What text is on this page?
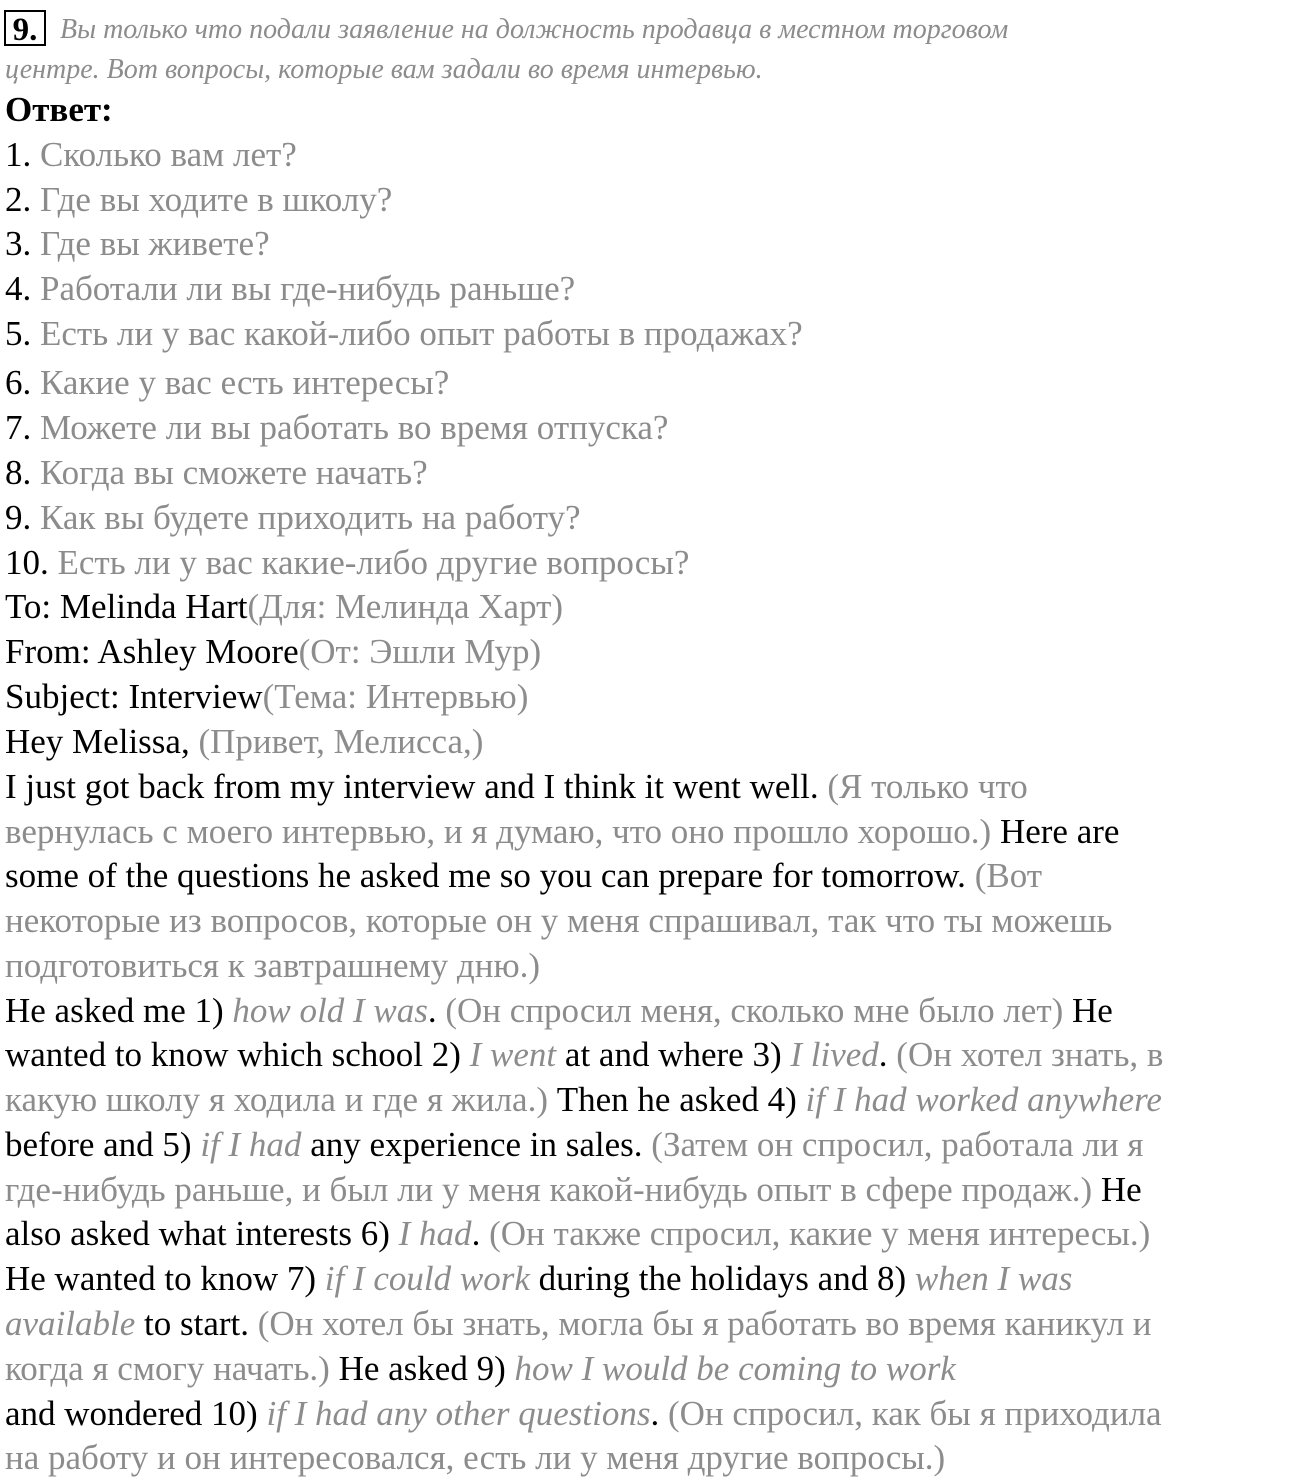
9. Вы только что подали заявление на должность продавца в местном торговом
центре. Вот вопросы, которые вам задали во время интервью.
Ответ:
1. Сколько вам лет?
2. Где вы ходите в школу?
3. Где вы живете?
4. Работали ли вы где-нибудь раньше?
5. Есть ли у вас какой-либо опыт работы в продажах?
6. Какие у вас есть интересы?
7. Можете ли вы работать во время отпуска?
8. Когда вы сможете начать?
9. Как вы будете приходить на работу?
10. Есть ли у вас какие-либо другие вопросы?
To: Melinda Hart(Для: Мелинда Харт)
From: Ashley Moore(От: Эшли Мур)
Subject: Interview(Тема: Интервью)
Hey Melissa, (Привет, Мелисса,)
I just got back from my interview and I think it went well. (Я только что
вернулась с моего интервью, и я думаю, что оно прошло хорошо.) Here are
some of the questions he asked me so you can prepare for tomorrow. (Вот
некоторые из вопросов, которые он у меня спрашивал, так что ты можешь
подготовиться к завтрашнему дню.)
He asked me 1) how old I was. (Он спросил меня, сколько мне было лет) He
wanted to know which school 2) I went at and where 3) I lived. (Он хотел знать, в
какую школу я ходила и где я жила.) Then he asked 4) if I had worked anywhere
before and 5) if I had any experience in sales. (Затем он спросил, работала ли я
где-нибудь раньше, и был ли у меня какой-нибудь опыт в сфере продаж.) He
also asked what interests 6) I had. (Он также спросил, какие у меня интересы.)
He wanted to know 7) if I could work during the holidays and 8) when I was
available to start. (Он хотел бы знать, могла бы я работать во время каникул и
когда я смогу начать.) He asked 9) how I would be coming to work
and wondered 10) if I had any other questions. (Он спросил, как бы я приходила
на работу и он интересовался, есть ли у меня другие вопросы.)
